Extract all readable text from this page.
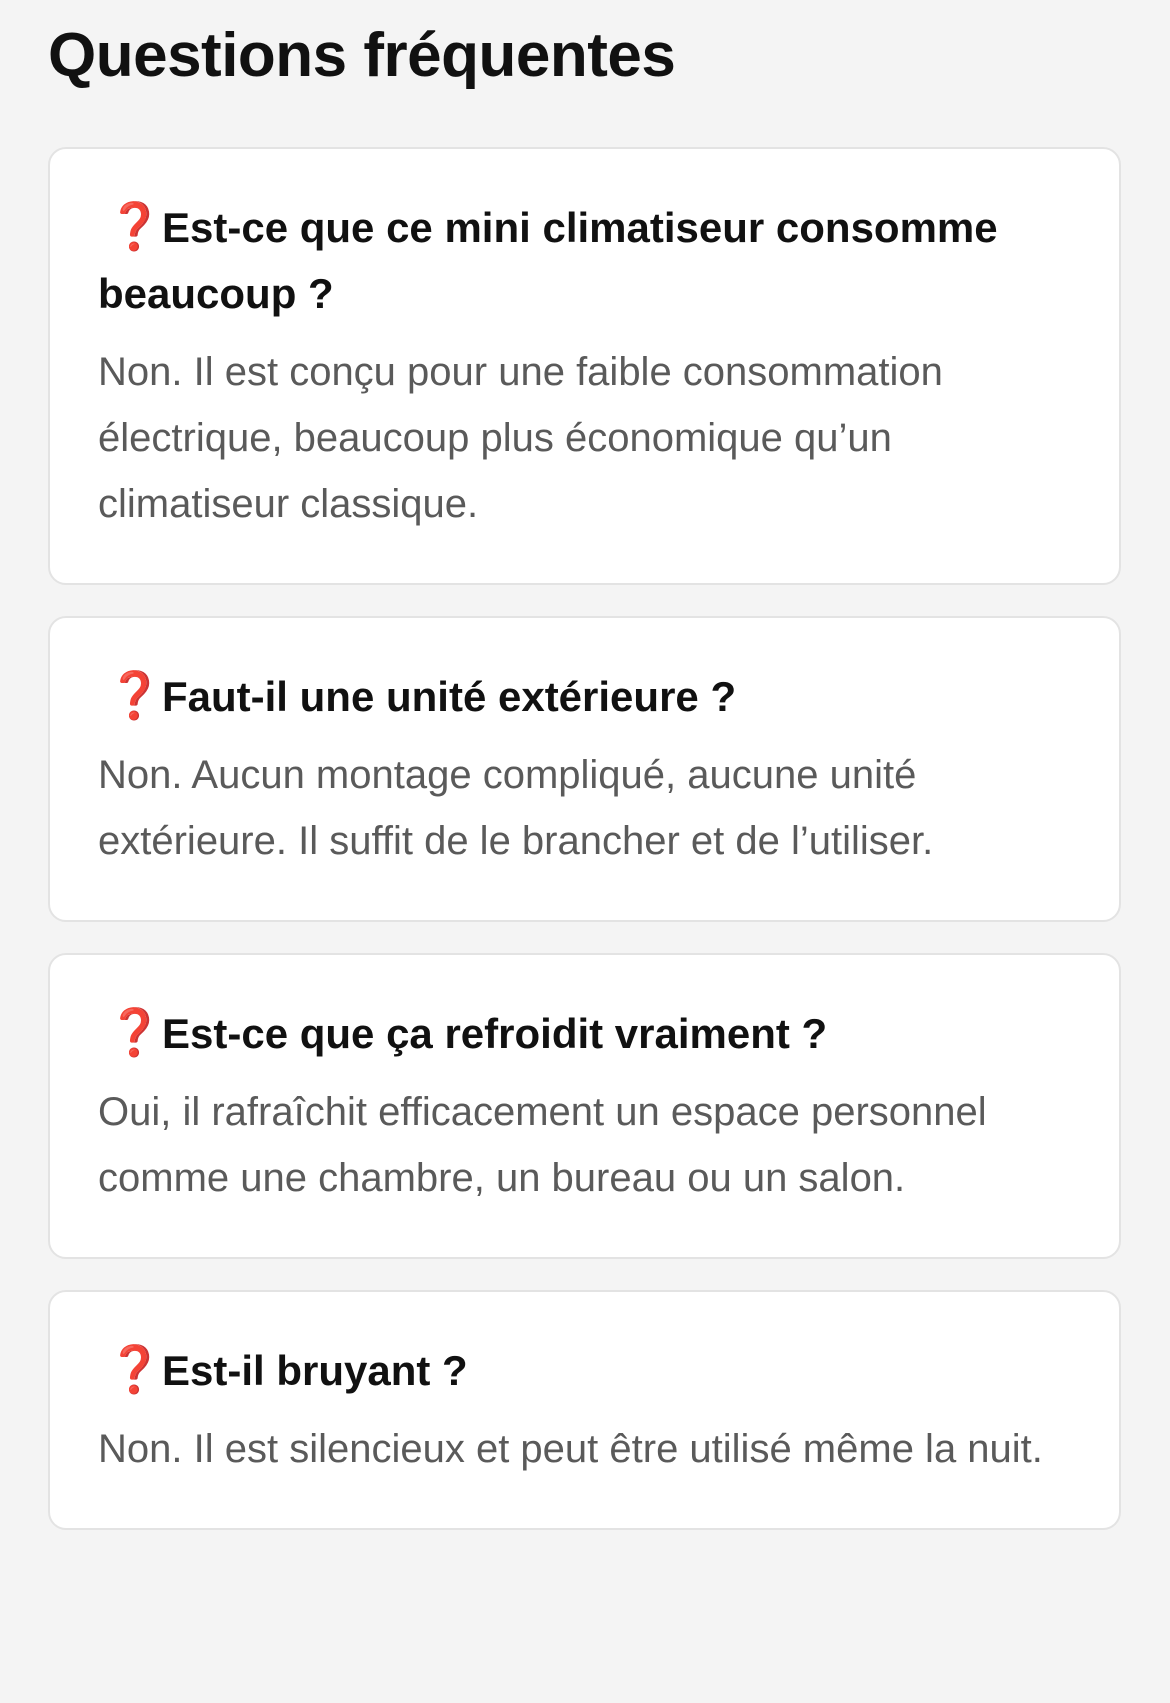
Questions fréquentes
❓Est-ce que ce mini climatiseur consomme beaucoup ?

Non. Il est conçu pour une faible consommation électrique, beaucoup plus économique qu’un climatiseur classique.

❓Faut-il une unité extérieure ?

Non. Aucun montage compliqué, aucune unité extérieure. Il suffit de le brancher et de l’utiliser.

❓Est-ce que ça refroidit vraiment ?

Oui, il rafraîchit efficacement un espace personnel comme une chambre, un bureau ou un salon.

❓Est-il bruyant ?

Non. Il est silencieux et peut être utilisé même la nuit.
